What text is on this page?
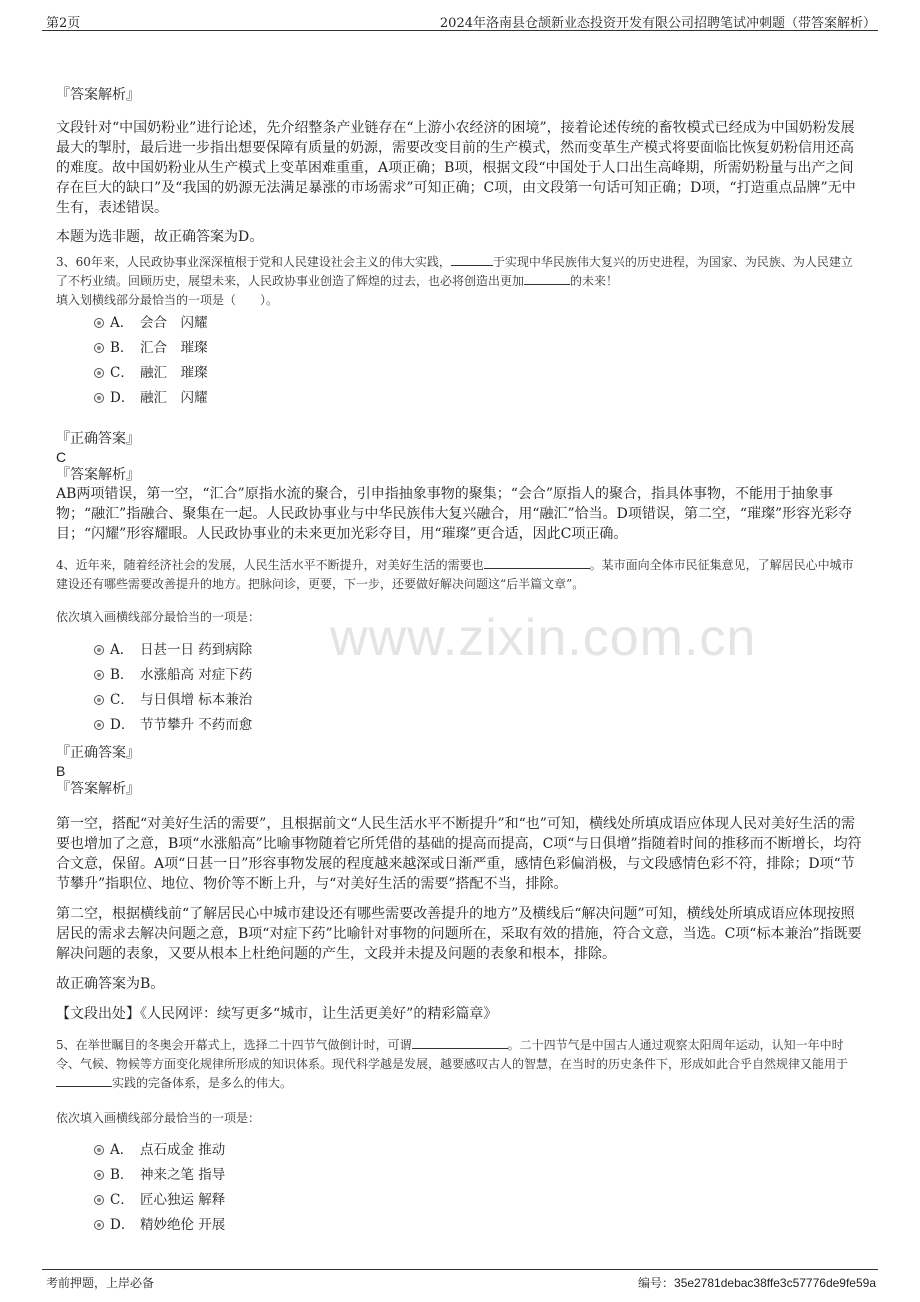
第2页	2024年洛南县仓颉新业态投资开发有限公司招聘笔试冲刺题（带答案解析）
www.zixin.com.cn

『答案解析』

文段针对“中国奶粉业”进行论述，先介绍整条产业链存在“上游小农经济的困境”，接着论述传统的畜牧模式已经成为中国奶粉发展最大的掣肘，最后进一步指出想要保障有质量的奶源，需要改变目前的生产模式，然而变革生产模式将要面临比恢复奶粉信用还高的难度。故中国奶粉业从生产模式上变革困难重重，A项正确；B项，根据文段“中国处于人口出生高峰期，所需奶粉量与出产之间存在巨大的缺口”及“我国的奶源无法满足暴涨的市场需求”可知正确；C项，由文段第一句话可知正确；D项，“打造重点品牌”无中生有，表述错误。

本题为选非题，故正确答案为D。

3、60年来，人民政协事业深深植根于党和人民建设社会主义的伟大实践，	于实现中华民族伟大复兴的历史进程，为国家、为民族、为人民建立了不朽业绩。回顾历史，展望未来，人民政协事业创造了辉煌的过去，也必将创造出更加	的未来！

填入划横线部分最恰当的一项是（　　）。

A． 会合　闪耀
B． 汇合　璀璨
C． 融汇　璀璨
D． 融汇　闪耀

『正确答案』

C

『答案解析』

AB两项错误，第一空，“汇合”原指水流的聚合，引申指抽象事物的聚集；“会合”原指人的聚合，指具体事物，不能用于抽象事物；“融汇”指融合、聚集在一起。人民政协事业与中华民族伟大复兴融合，用“融汇”恰当。D项错误，第二空，“璀璨”形容光彩夺目；“闪耀”形容耀眼。人民政协事业的未来更加光彩夺目，用“璀璨”更合适，因此C项正确。

4、近年来，随着经济社会的发展，人民生活水平不断提升，对美好生活的需要也	。某市面向全体市民征集意见，了解居民心中城市建设还有哪些需要改善提升的地方。把脉问诊，更要，下一步，还要做好解决问题这“后半篇文章”。

依次填入画横线部分最恰当的一项是：

A． 日甚一日 药到病除
B． 水涨船高 对症下药
C． 与日俱增 标本兼治
D． 节节攀升 不药而愈

『正确答案』

B

『答案解析』

第一空，搭配“对美好生活的需要”，且根据前文“人民生活水平不断提升”和“也”可知，横线处所填成语应体现人民对美好生活的需要也增加了之意，B项“水涨船高”比喻事物随着它所凭借的基础的提高而提高，C项“与日俱增”指随着时间的推移而不断增长，均符合文意，保留。A项“日甚一日”形容事物发展的程度越来越深或日渐严重，感情色彩偏消极，与文段感情色彩不符，排除；D项“节节攀升”指职位、地位、物价等不断上升，与“对美好生活的需要”搭配不当，排除。

第二空，根据横线前“了解居民心中城市建设还有哪些需要改善提升的地方”及横线后“解决问题”可知，横线处所填成语应体现按照居民的需求去解决问题之意，B项“对症下药”比喻针对事物的问题所在，采取有效的措施，符合文意，当选。C项“标本兼治”指既要解决问题的表象，又要从根本上杜绝问题的产生，文段并未提及问题的表象和根本，排除。

故正确答案为B。

【文段出处】《人民网评：续写更多“城市，让生活更美好”的精彩篇章》

5、在举世瞩目的冬奥会开幕式上，选择二十四节气做倒计时，可谓	。二十四节气是中国古人通过观察太阳周年运动，认知一年中时令、气候、物候等方面变化规律所形成的知识体系。现代科学越是发展，越要感叹古人的智慧，在当时的历史条件下，形成如此合乎自然规律又能用于实践的完备体系，是多么的伟大。

依次填入画横线部分最恰当的一项是：

A． 点石成金 推动
B． 神来之笔 指导
C． 匠心独运 解释
D． 精妙绝伦 开展
考前押题，上岸必备	编号：35e2781debac38ffe3c57776de9fe59a
